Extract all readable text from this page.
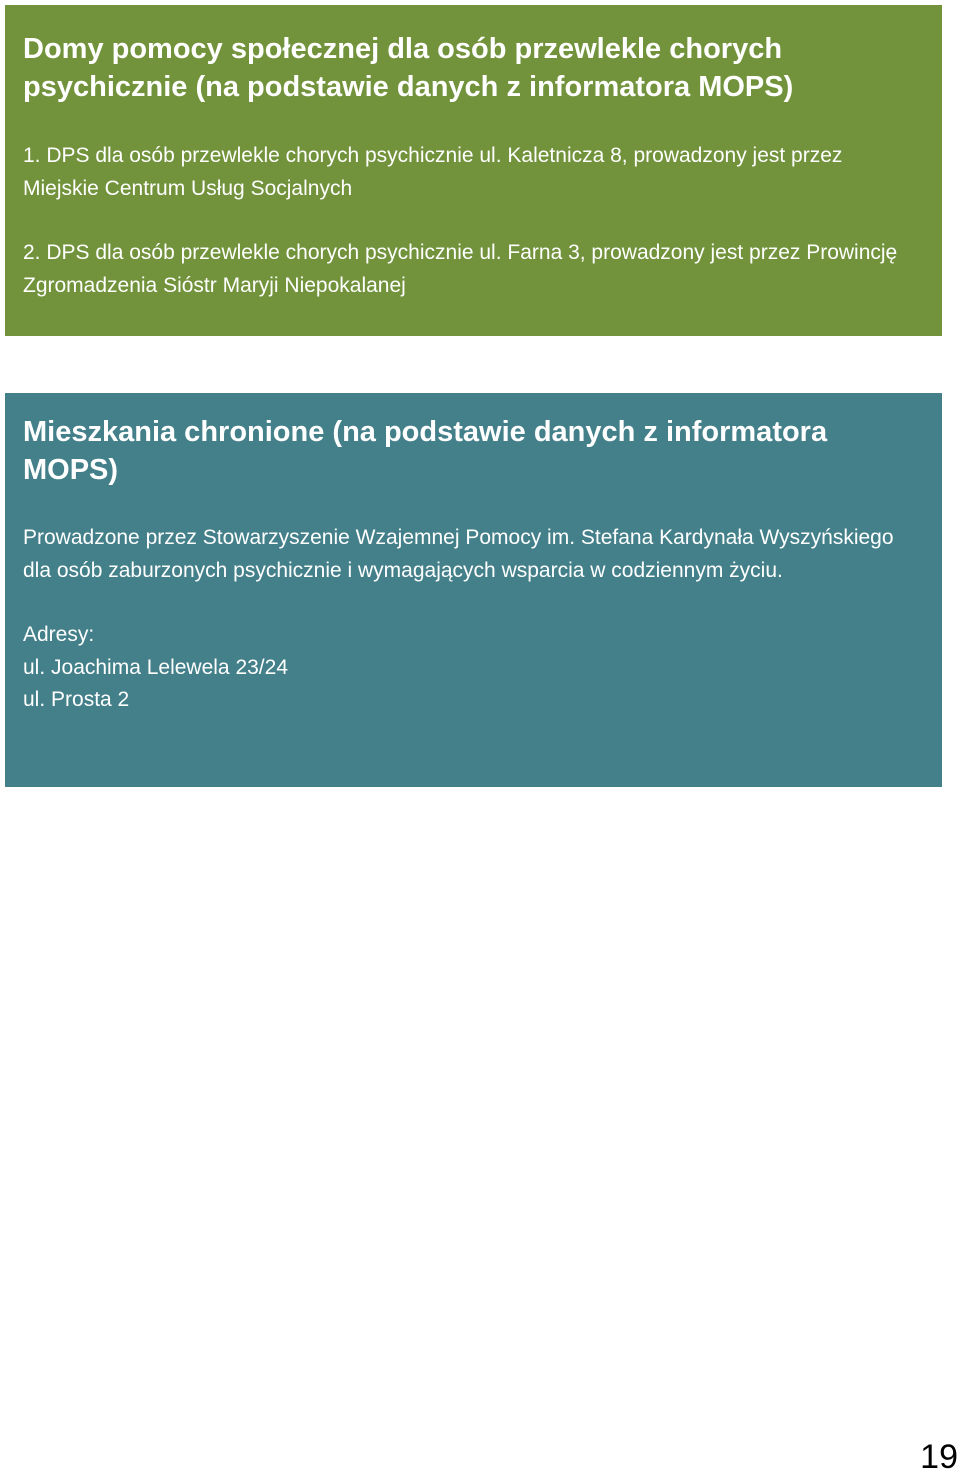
Domy pomocy społecznej dla osób przewlekle chorych psychicznie (na podstawie danych z informatora MOPS)

1. DPS dla osób przewlekle chorych psychicznie ul. Kaletnicza 8, prowadzony jest przez Miejskie Centrum Usług Socjalnych

2. DPS dla osób przewlekle chorych psychicznie ul. Farna 3, prowadzony jest przez Prowincję Zgromadzenia Sióstr Maryji Niepokalanej

Mieszkania chronione (na podstawie danych z informatora MOPS)

Prowadzone przez Stowarzyszenie Wzajemnej Pomocy im. Stefana Kardynała Wyszyńskiego dla osób zaburzonych psychicznie i wymagających wsparcia w codziennym życiu.

Adresy:

ul. Joachima Lelewela 23/24

ul. Prosta 2

19
